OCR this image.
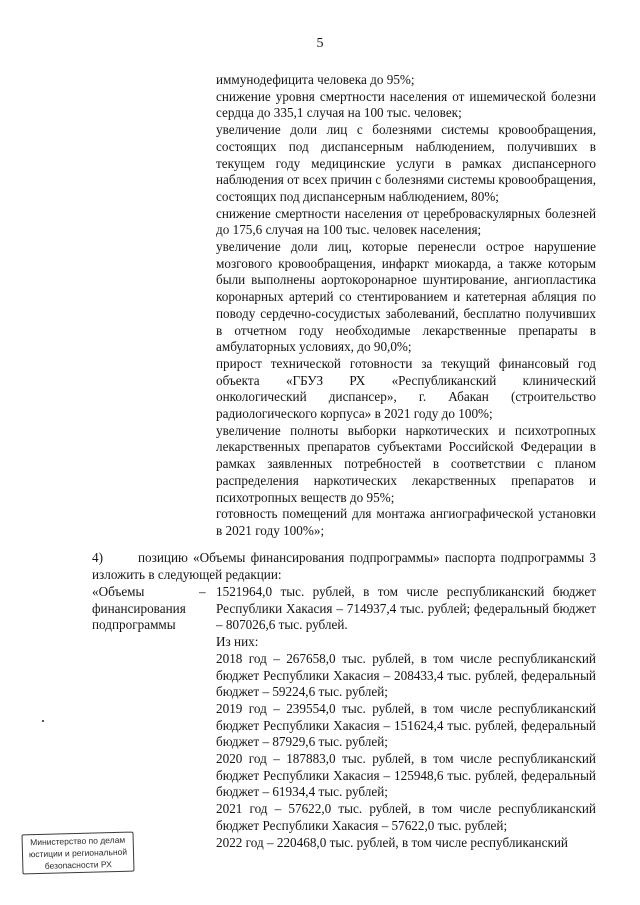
5

иммунодефицита человека до 95%;

снижение уровня смертности населения от ишемической болезни сердца до 335,1 случая на 100 тыс. человек;

увеличение доли лиц с болезнями системы кровообращения, состоящих под диспансерным наблюдением, получивших в текущем году медицинские услуги в рамках диспансерного наблюдения от всех причин с болезнями системы кровообращения, состоящих под диспансерным наблюдением, 80%;

снижение смертности населения от цереброваскулярных болезней до 175,6 случая на 100 тыс. человек населения;

увеличение доли лиц, которые перенесли острое нарушение мозгового кровообращения, инфаркт миокарда, а также которым были выполнены аортокоронарное шунтирование, ангиопластика коронарных артерий со стентированием и катетерная абляция по поводу сердечно-сосудистых заболеваний, бесплатно получивших в отчетном году необходимые лекарственные препараты в амбулаторных условиях, до 90,0%;

прирост технической готовности за текущий финансовый год объекта «ГБУЗ РХ «Республиканский клинический онкологический диспансер», г. Абакан (строительство радиологического корпуса» в 2021 году до 100%;

увеличение полноты выборки наркотических и психотропных лекарственных препаратов субъектами Российской Федерации в рамках заявленных потребностей в соответствии с планом распределения наркотических лекарственных препаратов и психотропных веществ до 95%;

готовность помещений для монтажа ангиографической установки в 2021 году 100%»;

4)	позицию «Объемы финансирования подпрограммы» паспорта подпрограммы 3 изложить в следующей редакции:
«Объемы
финансирования
подпрограммы
– 1521964,0 тыс. рублей, в том числе республиканский бюджет Республики Хакасия – 714937,4 тыс. рублей; федеральный бюджет – 807026,6 тыс. рублей.

Из них:

2018 год – 267658,0 тыс. рублей, в том числе республиканский бюджет Республики Хакасия – 208433,4 тыс. рублей, федеральный бюджет – 59224,6 тыс. рублей;

2019 год – 239554,0 тыс. рублей, в том числе республиканский бюджет Республики Хакасия – 151624,4 тыс. рублей, федеральный бюджет – 87929,6 тыс. рублей;

2020 год – 187883,0 тыс. рублей, в том числе республиканский бюджет Республики Хакасия – 125948,6 тыс. рублей, федеральный бюджет – 61934,4 тыс. рублей;

2021 год – 57622,0 тыс. рублей, в том числе республиканский бюджет Республики Хакасия – 57622,0 тыс. рублей;

2022 год – 220468,0 тыс. рублей, в том числе республиканский

Министерство по делам
юстиции и региональной
безопасности РХ
